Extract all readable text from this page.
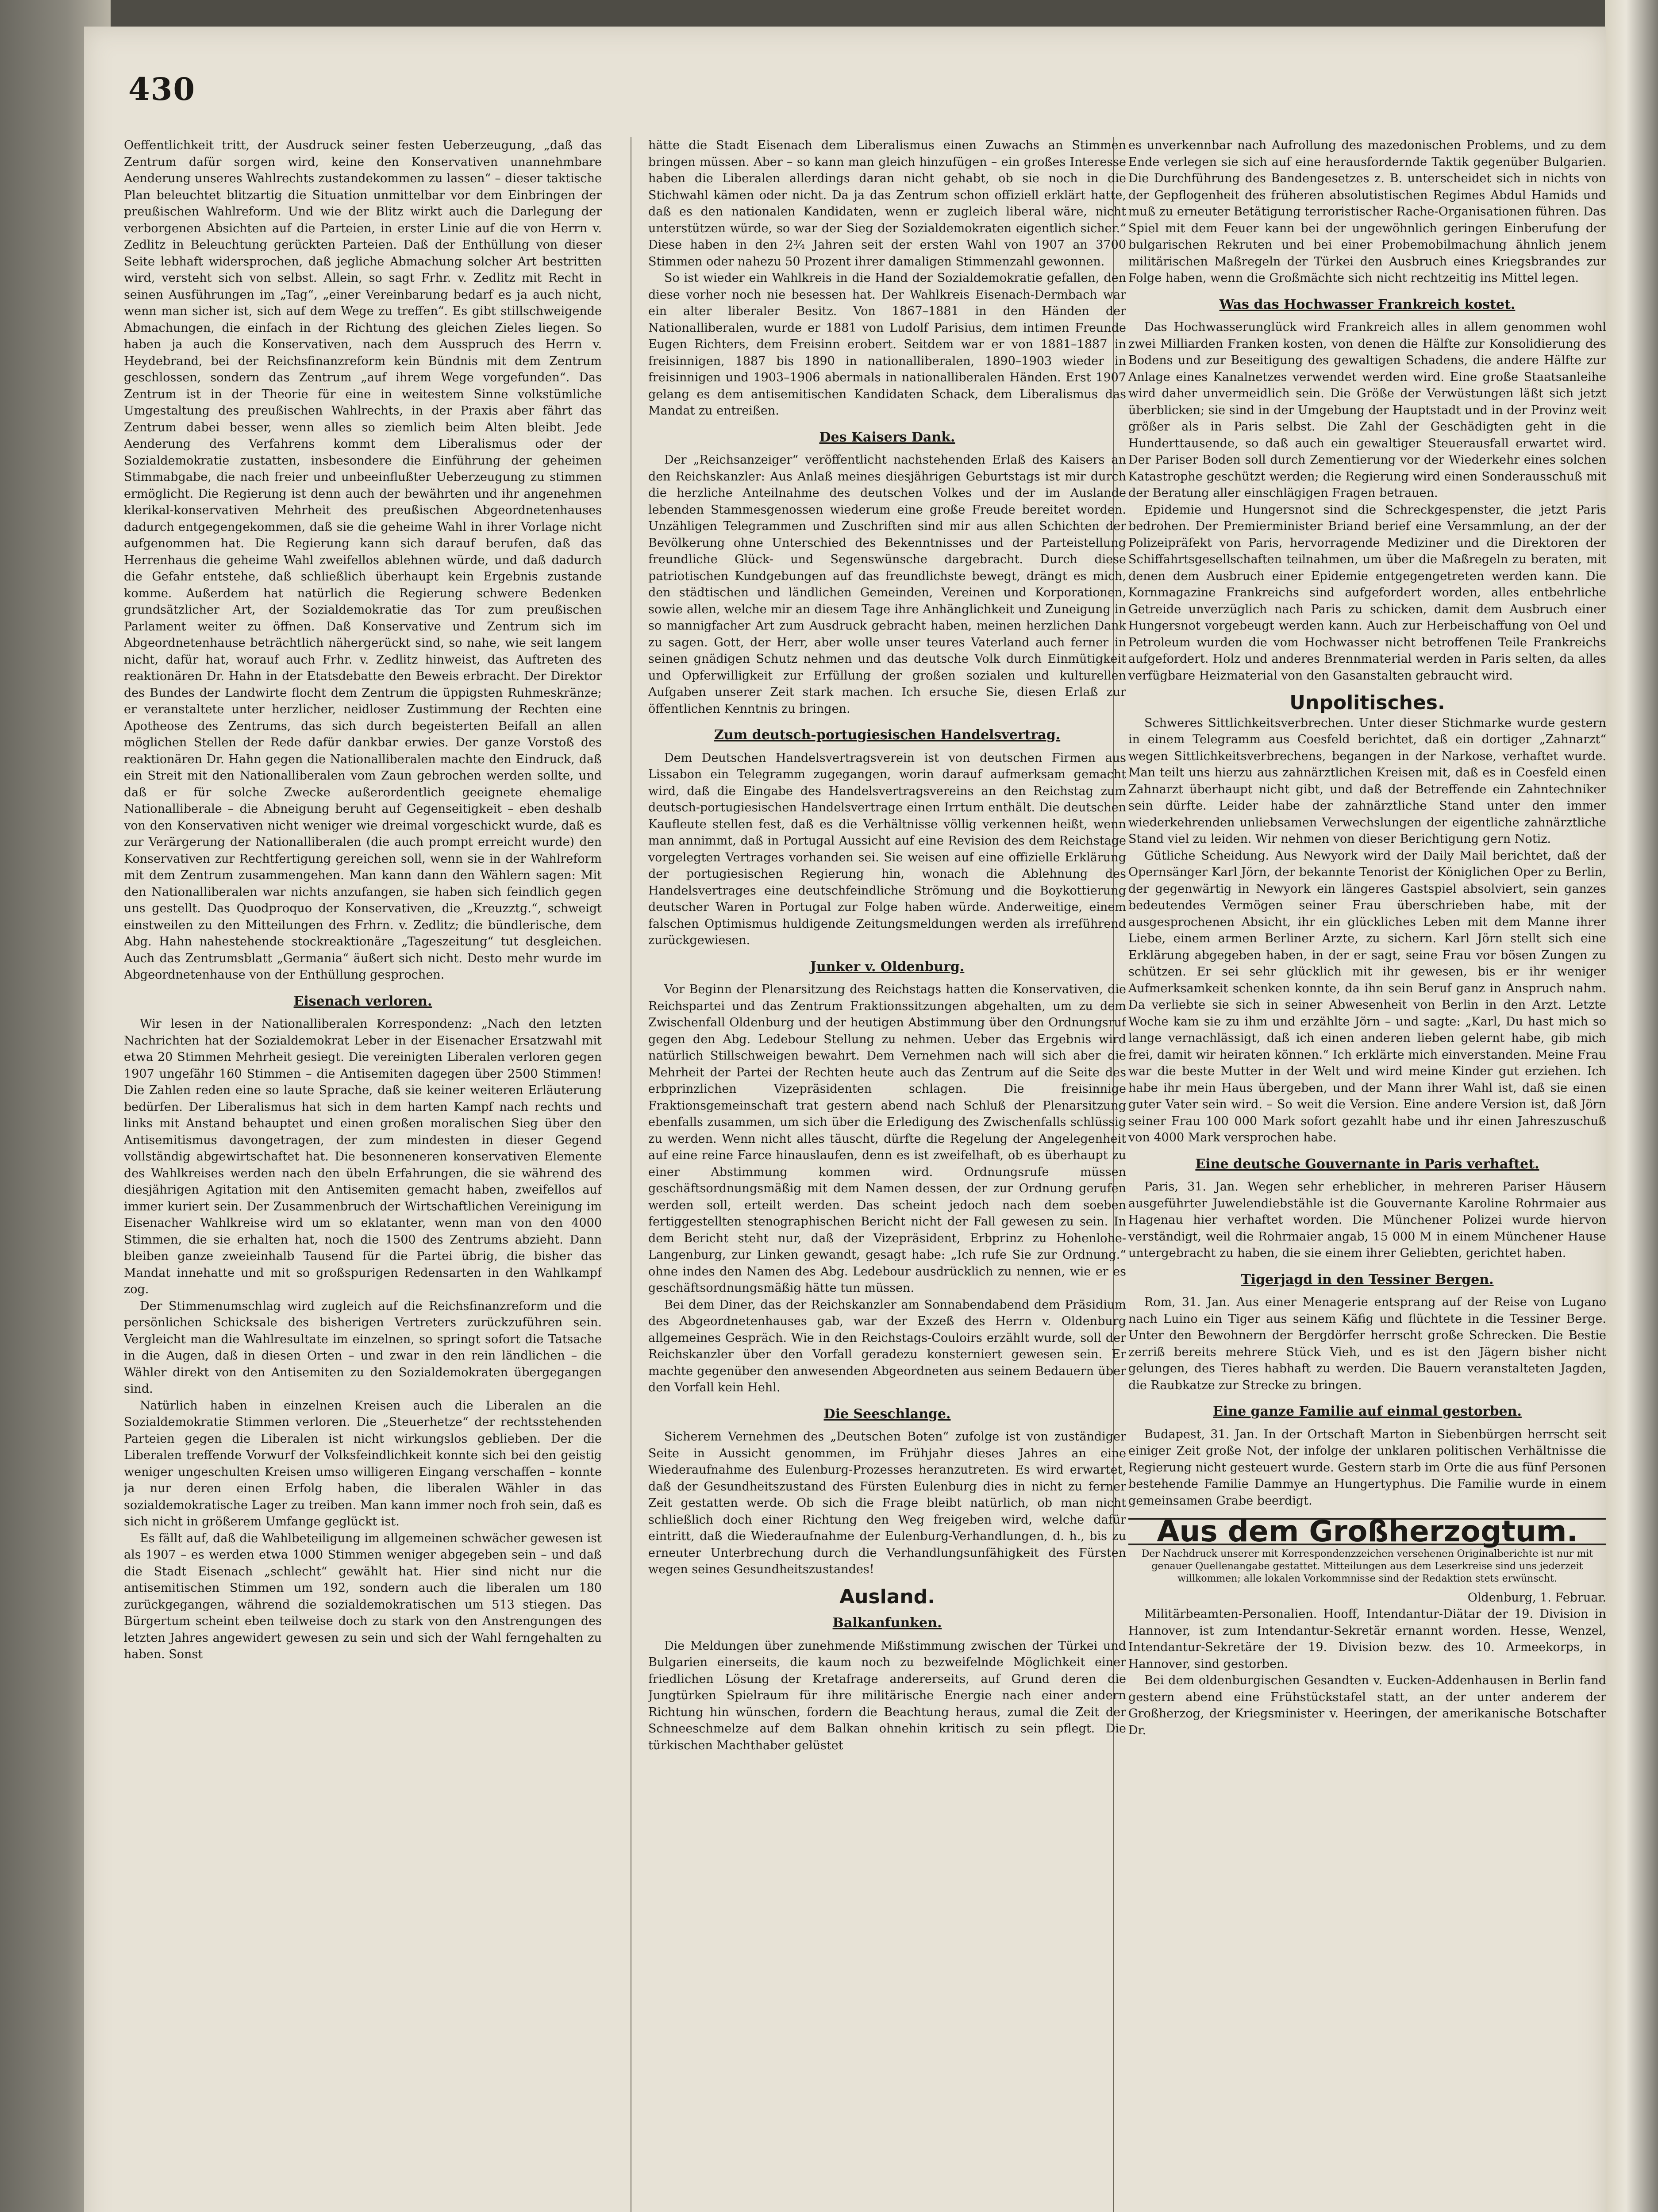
430

Oeffentlichkeit tritt, der Ausdruck seiner festen Ueberzeugung, „daß das Zentrum dafür sorgen wird, keine den Konservativen unannehmbare Aenderung unseres Wahlrechts zustandekommen zu lassen“ – dieser taktische Plan beleuchtet blitzartig die Situation unmittelbar vor dem Einbringen der preußischen Wahlreform. Und wie der Blitz wirkt auch die Darlegung der verborgenen Absichten auf die Parteien, in erster Linie auf die von Herrn v. Zedlitz in Beleuchtung gerückten Parteien. Daß der Enthüllung von dieser Seite lebhaft widersprochen, daß jegliche Abmachung solcher Art bestritten wird, versteht sich von selbst. Allein, so sagt Frhr. v. Zedlitz mit Recht in seinen Ausführungen im „Tag“, „einer Vereinbarung bedarf es ja auch nicht, wenn man sicher ist, sich auf dem Wege zu treffen“. Es gibt stillschweigende Abmachungen, die einfach in der Richtung des gleichen Zieles liegen. So haben ja auch die Konservativen, nach dem Ausspruch des Herrn v. Heydebrand, bei der Reichsfinanzreform kein Bündnis mit dem Zentrum geschlossen, sondern das Zentrum „auf ihrem Wege vorgefunden“. Das Zentrum ist in der Theorie für eine in weitestem Sinne volkstümliche Umgestaltung des preußischen Wahlrechts, in der Praxis aber fährt das Zentrum dabei besser, wenn alles so ziemlich beim Alten bleibt. Jede Aenderung des Verfahrens kommt dem Liberalismus oder der Sozialdemokratie zustatten, insbesondere die Einführung der geheimen Stimmabgabe, die nach freier und unbeeinflußter Ueberzeugung zu stimmen ermöglicht. Die Regierung ist denn auch der bewährten und ihr angenehmen klerikal-konservativen Mehrheit des preußischen Abgeordnetenhauses dadurch entgegengekommen, daß sie die geheime Wahl in ihrer Vorlage nicht aufgenommen hat. Die Regierung kann sich darauf berufen, daß das Herrenhaus die geheime Wahl zweifellos ablehnen würde, und daß dadurch die Gefahr entstehe, daß schließlich überhaupt kein Ergebnis zustande komme. Außerdem hat natürlich die Regierung schwere Bedenken grundsätzlicher Art, der Sozialdemokratie das Tor zum preußischen Parlament weiter zu öffnen. Daß Konservative und Zentrum sich im Abgeordnetenhause beträchtlich nähergerückt sind, so nahe, wie seit langem nicht, dafür hat, worauf auch Frhr. v. Zedlitz hinweist, das Auftreten des reaktionären Dr. Hahn in der Etatsdebatte den Beweis erbracht. Der Direktor des Bundes der Landwirte flocht dem Zentrum die üppigsten Ruhmeskränze; er veranstaltete unter herzlicher, neidloser Zustimmung der Rechten eine Apotheose des Zentrums, das sich durch begeisterten Beifall an allen möglichen Stellen der Rede dafür dankbar erwies. Der ganze Vorstoß des reaktionären Dr. Hahn gegen die Nationalliberalen machte den Eindruck, daß ein Streit mit den Nationalliberalen vom Zaun gebrochen werden sollte, und daß er für solche Zwecke außerordentlich geeignete ehemalige Nationalliberale – die Abneigung beruht auf Gegenseitigkeit – eben deshalb von den Konservativen nicht weniger wie dreimal vorgeschickt wurde, daß es zur Verärgerung der Nationalliberalen (die auch prompt erreicht wurde) den Konservativen zur Rechtfertigung gereichen soll, wenn sie in der Wahlreform mit dem Zentrum zusammengehen. Man kann dann den Wählern sagen: Mit den Nationalliberalen war nichts anzufangen, sie haben sich feindlich gegen uns gestellt. Das Quodproquo der Konservativen, die „Kreuzztg.“, schweigt einstweilen zu den Mitteilungen des Frhrn. v. Zedlitz; die bündlerische, dem Abg. Hahn nahestehende stockreaktionäre „Tageszeitung“ tut desgleichen. Auch das Zentrumsblatt „Germania“ äußert sich nicht. Desto mehr wurde im Abgeordnetenhause von der Enthüllung gesprochen.

Eisenach verloren.

Wir lesen in der Nationalliberalen Korrespondenz: „Nach den letzten Nachrichten hat der Sozialdemokrat Leber in der Eisenacher Ersatzwahl mit etwa 20 Stimmen Mehrheit gesiegt. Die vereinigten Liberalen verloren gegen 1907 ungefähr 160 Stimmen – die Antisemiten dagegen über 2500 Stimmen! Die Zahlen reden eine so laute Sprache, daß sie keiner weiteren Erläuterung bedürfen. Der Liberalismus hat sich in dem harten Kampf nach rechts und links mit Anstand behauptet und einen großen moralischen Sieg über den Antisemitismus davongetragen, der zum mindesten in dieser Gegend vollständig abgewirtschaftet hat. Die besonneneren konservativen Elemente des Wahlkreises werden nach den übeln Erfahrungen, die sie während des diesjährigen Agitation mit den Antisemiten gemacht haben, zweifellos auf immer kuriert sein. Der Zusammenbruch der Wirtschaftlichen Vereinigung im Eisenacher Wahlkreise wird um so eklatanter, wenn man von den 4000 Stimmen, die sie erhalten hat, noch die 1500 des Zentrums abzieht. Dann bleiben ganze zweieinhalb Tausend für die Partei übrig, die bisher das Mandat innehatte und mit so großspurigen Redensarten in den Wahlkampf zog.

Der Stimmenumschlag wird zugleich auf die Reichsfinanzreform und die persönlichen Schicksale des bisherigen Vertreters zurückzuführen sein. Vergleicht man die Wahlresultate im einzelnen, so springt sofort die Tatsache in die Augen, daß in diesen Orten – und zwar in den rein ländlichen – die Wähler direkt von den Antisemiten zu den Sozialdemokraten übergegangen sind.

Natürlich haben in einzelnen Kreisen auch die Liberalen an die Sozialdemokratie Stimmen verloren. Die „Steuerhetze“ der rechtsstehenden Parteien gegen die Liberalen ist nicht wirkungslos geblieben. Der die Liberalen treffende Vorwurf der Volksfeindlichkeit konnte sich bei den geistig weniger ungeschulten Kreisen umso willigeren Eingang verschaffen – konnte ja nur deren einen Erfolg haben, die liberalen Wähler in das sozialdemokratische Lager zu treiben. Man kann immer noch froh sein, daß es sich nicht in größerem Umfange geglückt ist.

Es fällt auf, daß die Wahlbeteiligung im allgemeinen schwächer gewesen ist als 1907 – es werden etwa 1000 Stimmen weniger abgegeben sein – und daß die Stadt Eisenach „schlecht“ gewählt hat. Hier sind nicht nur die antisemitischen Stimmen um 192, sondern auch die liberalen um 180 zurückgegangen, während die sozialdemokratischen um 513 stiegen. Das Bürgertum scheint eben teilweise doch zu stark von den Anstrengungen des letzten Jahres angewidert gewesen zu sein und sich der Wahl ferngehalten zu haben. Sonst

hätte die Stadt Eisenach dem Liberalismus einen Zuwachs an Stimmen bringen müssen. Aber – so kann man gleich hinzufügen – ein großes Interesse haben die Liberalen allerdings daran nicht gehabt, ob sie noch in die Stichwahl kämen oder nicht. Da ja das Zentrum schon offiziell erklärt hatte, daß es den nationalen Kandidaten, wenn er zugleich liberal wäre, nicht unterstützen würde, so war der Sieg der Sozialdemokraten eigentlich sicher.“ Diese haben in den 2¾ Jahren seit der ersten Wahl von 1907 an 3700 Stimmen oder nahezu 50 Prozent ihrer damaligen Stimmenzahl gewonnen.

So ist wieder ein Wahlkreis in die Hand der Sozialdemokratie gefallen, den diese vorher noch nie besessen hat. Der Wahlkreis Eisenach-Dermbach war ein alter liberaler Besitz. Von 1867–1881 in den Händen der Nationalliberalen, wurde er 1881 von Ludolf Parisius, dem intimen Freunde Eugen Richters, dem Freisinn erobert. Seitdem war er von 1881–1887 in freisinnigen, 1887 bis 1890 in nationalliberalen, 1890–1903 wieder in freisinnigen und 1903–1906 abermals in nationalliberalen Händen. Erst 1907 gelang es dem antisemitischen Kandidaten Schack, dem Liberalismus das Mandat zu entreißen.

Des Kaisers Dank.

Der „Reichsanzeiger“ veröffentlicht nachstehenden Erlaß des Kaisers an den Reichskanzler: Aus Anlaß meines diesjährigen Geburtstags ist mir durch die herzliche Anteilnahme des deutschen Volkes und der im Auslande lebenden Stammesgenossen wiederum eine große Freude bereitet worden. Unzähligen Telegrammen und Zuschriften sind mir aus allen Schichten der Bevölkerung ohne Unterschied des Bekenntnisses und der Parteistellung freundliche Glück- und Segenswünsche dargebracht. Durch diese patriotischen Kundgebungen auf das freundlichste bewegt, drängt es mich, den städtischen und ländlichen Gemeinden, Vereinen und Korporationen, sowie allen, welche mir an diesem Tage ihre Anhänglichkeit und Zuneigung in so mannigfacher Art zum Ausdruck gebracht haben, meinen herzlichen Dank zu sagen. Gott, der Herr, aber wolle unser teures Vaterland auch ferner in seinen gnädigen Schutz nehmen und das deutsche Volk durch Einmütigkeit und Opferwilligkeit zur Erfüllung der großen sozialen und kulturellen Aufgaben unserer Zeit stark machen. Ich ersuche Sie, diesen Erlaß zur öffentlichen Kenntnis zu bringen.

Zum deutsch-portugiesischen Handelsvertrag.

Dem Deutschen Handelsvertragsverein ist von deutschen Firmen aus Lissabon ein Telegramm zugegangen, worin darauf aufmerksam gemacht wird, daß die Eingabe des Handelsvertragsvereins an den Reichstag zum deutsch-portugiesischen Handelsvertrage einen Irrtum enthält. Die deutschen Kaufleute stellen fest, daß es die Verhältnisse völlig verkennen heißt, wenn man annimmt, daß in Portugal Aussicht auf eine Revision des dem Reichstage vorgelegten Vertrages vorhanden sei. Sie weisen auf eine offizielle Erklärung der portugiesischen Regierung hin, wonach die Ablehnung des Handelsvertrages eine deutschfeindliche Strömung und die Boykottierung deutscher Waren in Portugal zur Folge haben würde. Anderweitige, einem falschen Optimismus huldigende Zeitungsmeldungen werden als irreführend zurückgewiesen.

Junker v. Oldenburg.

Vor Beginn der Plenarsitzung des Reichstags hatten die Konservativen, die Reichspartei und das Zentrum Fraktionssitzungen abgehalten, um zu dem Zwischenfall Oldenburg und der heutigen Abstimmung über den Ordnungsruf gegen den Abg. Ledebour Stellung zu nehmen. Ueber das Ergebnis wird natürlich Stillschweigen bewahrt. Dem Vernehmen nach will sich aber die Mehrheit der Partei der Rechten heute auch das Zentrum auf die Seite des erbprinzlichen Vizepräsidenten schlagen. Die freisinnige Fraktionsgemeinschaft trat gestern abend nach Schluß der Plenarsitzung ebenfalls zusammen, um sich über die Erledigung des Zwischenfalls schlüssig zu werden. Wenn nicht alles täuscht, dürfte die Regelung der Angelegenheit auf eine reine Farce hinauslaufen, denn es ist zweifelhaft, ob es überhaupt zu einer Abstimmung kommen wird. Ordnungsrufe müssen geschäftsordnungsmäßig mit dem Namen dessen, der zur Ordnung gerufen werden soll, erteilt werden. Das scheint jedoch nach dem soeben fertiggestellten stenographischen Bericht nicht der Fall gewesen zu sein. In dem Bericht steht nur, daß der Vizepräsident, Erbprinz zu Hohenlohe-Langenburg, zur Linken gewandt, gesagt habe: „Ich rufe Sie zur Ordnung.“ ohne indes den Namen des Abg. Ledebour ausdrücklich zu nennen, wie er es geschäftsordnungsmäßig hätte tun müssen.

Bei dem Diner, das der Reichskanzler am Sonnabendabend dem Präsidium des Abgeordnetenhauses gab, war der Exzeß des Herrn v. Oldenburg allgemeines Gespräch. Wie in den Reichstags-Couloirs erzählt wurde, soll der Reichskanzler über den Vorfall geradezu konsterniert gewesen sein. Er machte gegenüber den anwesenden Abgeordneten aus seinem Bedauern über den Vorfall kein Hehl.

Die Seeschlange.

Sicherem Vernehmen des „Deutschen Boten“ zufolge ist von zuständiger Seite in Aussicht genommen, im Frühjahr dieses Jahres an eine Wiederaufnahme des Eulenburg-Prozesses heranzutreten. Es wird erwartet, daß der Gesundheitszustand des Fürsten Eulenburg dies in nicht zu ferner Zeit gestatten werde. Ob sich die Frage bleibt natürlich, ob man nicht schließlich doch einer Richtung den Weg freigeben wird, welche dafür eintritt, daß die Wiederaufnahme der Eulenburg-Verhandlungen, d. h., bis zu erneuter Unterbrechung durch die Verhandlungsunfähigkeit des Fürsten wegen seines Gesundheitszustandes!

Ausland.
Balkanfunken.

Die Meldungen über zunehmende Mißstimmung zwischen der Türkei und Bulgarien einerseits, die kaum noch zu bezweifelnde Möglichkeit einer friedlichen Lösung der Kretafrage andererseits, auf Grund deren die Jungtürken Spielraum für ihre militärische Energie nach einer andern Richtung hin wünschen, fordern die Beachtung heraus, zumal die Zeit der Schneeschmelze auf dem Balkan ohnehin kritisch zu sein pflegt. Die türkischen Machthaber gelüstet

es unverkennbar nach Aufrollung des mazedonischen Problems, und zu dem Ende verlegen sie sich auf eine herausfordernde Taktik gegenüber Bulgarien. Die Durchführung des Bandengesetzes z. B. unterscheidet sich in nichts von der Gepflogenheit des früheren absolutistischen Regimes Abdul Hamids und muß zu erneuter Betätigung terroristischer Rache-Organisationen führen. Das Spiel mit dem Feuer kann bei der ungewöhnlich geringen Einberufung der bulgarischen Rekruten und bei einer Probemobilmachung ähnlich jenem militärischen Maßregeln der Türkei den Ausbruch eines Kriegsbrandes zur Folge haben, wenn die Großmächte sich nicht rechtzeitig ins Mittel legen.

Was das Hochwasser Frankreich kostet.

Das Hochwasserunglück wird Frankreich alles in allem genommen wohl zwei Milliarden Franken kosten, von denen die Hälfte zur Konsolidierung des Bodens und zur Beseitigung des gewaltigen Schadens, die andere Hälfte zur Anlage eines Kanalnetzes verwendet werden wird. Eine große Staatsanleihe wird daher unvermeidlich sein. Die Größe der Verwüstungen läßt sich jetzt überblicken; sie sind in der Umgebung der Hauptstadt und in der Provinz weit größer als in Paris selbst. Die Zahl der Geschädigten geht in die Hunderttausende, so daß auch ein gewaltiger Steuerausfall erwartet wird. Der Pariser Boden soll durch Zementierung vor der Wiederkehr eines solchen Katastrophe geschützt werden; die Regierung wird einen Sonderausschuß mit der Beratung aller einschlägigen Fragen betrauen.

Epidemie und Hungersnot sind die Schreckgespenster, die jetzt Paris bedrohen. Der Premierminister Briand berief eine Versammlung, an der der Polizeipräfekt von Paris, hervorragende Mediziner und die Direktoren der Schiffahrtsgesellschaften teilnahmen, um über die Maßregeln zu beraten, mit denen dem Ausbruch einer Epidemie entgegengetreten werden kann. Die Kornmagazine Frankreichs sind aufgefordert worden, alles entbehrliche Getreide unverzüglich nach Paris zu schicken, damit dem Ausbruch einer Hungersnot vorgebeugt werden kann. Auch zur Herbeischaffung von Oel und Petroleum wurden die vom Hochwasser nicht betroffenen Teile Frankreichs aufgefordert. Holz und anderes Brennmaterial werden in Paris selten, da alles verfügbare Heizmaterial von den Gasanstalten gebraucht wird.

Unpolitisches.

Schweres Sittlichkeitsverbrechen. Unter dieser Stichmarke wurde gestern in einem Telegramm aus Coesfeld berichtet, daß ein dortiger „Zahnarzt“ wegen Sittlichkeitsverbrechens, begangen in der Narkose, verhaftet wurde. Man teilt uns hierzu aus zahnärztlichen Kreisen mit, daß es in Coesfeld einen Zahnarzt überhaupt nicht gibt, und daß der Betreffende ein Zahntechniker sein dürfte. Leider habe der zahnärztliche Stand unter den immer wiederkehrenden unliebsamen Verwechslungen der eigentliche zahnärztliche Stand viel zu leiden. Wir nehmen von dieser Berichtigung gern Notiz.

Gütliche Scheidung. Aus Newyork wird der Daily Mail berichtet, daß der Opernsänger Karl Jörn, der bekannte Tenorist der Königlichen Oper zu Berlin, der gegenwärtig in Newyork ein längeres Gastspiel absolviert, sein ganzes bedeutendes Vermögen seiner Frau überschrieben habe, mit der ausgesprochenen Absicht, ihr ein glückliches Leben mit dem Manne ihrer Liebe, einem armen Berliner Arzte, zu sichern. Karl Jörn stellt sich eine Erklärung abgegeben haben, in der er sagt, seine Frau vor bösen Zungen zu schützen. Er sei sehr glücklich mit ihr gewesen, bis er ihr weniger Aufmerksamkeit schenken konnte, da ihn sein Beruf ganz in Anspruch nahm. Da verliebte sie sich in seiner Abwesenheit von Berlin in den Arzt. Letzte Woche kam sie zu ihm und erzählte Jörn – und sagte: „Karl, Du hast mich so lange vernachlässigt, daß ich einen anderen lieben gelernt habe, gib mich frei, damit wir heiraten können.“ Ich erklärte mich einverstanden. Meine Frau war die beste Mutter in der Welt und wird meine Kinder gut erziehen. Ich habe ihr mein Haus übergeben, und der Mann ihrer Wahl ist, daß sie einen guter Vater sein wird. – So weit die Version. Eine andere Version ist, daß Jörn seiner Frau 100 000 Mark sofort gezahlt habe und ihr einen Jahreszuschuß von 4000 Mark versprochen habe.

Eine deutsche Gouvernante in Paris verhaftet.

Paris, 31. Jan. Wegen sehr erheblicher, in mehreren Pariser Häusern ausgeführter Juwelendiebstähle ist die Gouvernante Karoline Rohrmaier aus Hagenau hier verhaftet worden. Die Münchener Polizei wurde hiervon verständigt, weil die Rohrmaier angab, 15 000 M in einem Münchener Hause untergebracht zu haben, die sie einem ihrer Geliebten, gerichtet haben.

Tigerjagd in den Tessiner Bergen.

Rom, 31. Jan. Aus einer Menagerie entsprang auf der Reise von Lugano nach Luino ein Tiger aus seinem Käfig und flüchtete in die Tessiner Berge. Unter den Bewohnern der Bergdörfer herrscht große Schrecken. Die Bestie zerriß bereits mehrere Stück Vieh, und es ist den Jägern bisher nicht gelungen, des Tieres habhaft zu werden. Die Bauern veranstalteten Jagden, die Raubkatze zur Strecke zu bringen.

Eine ganze Familie auf einmal gestorben.

Budapest, 31. Jan. In der Ortschaft Marton in Siebenbürgen herrscht seit einiger Zeit große Not, der infolge der unklaren politischen Verhältnisse die Regierung nicht gesteuert wurde. Gestern starb im Orte die aus fünf Personen bestehende Familie Dammye an Hungertyphus. Die Familie wurde in einem gemeinsamen Grabe beerdigt.

Aus dem Großherzogtum.
Der Nachdruck unserer mit Korrespondenzzeichen versehenen Originalberichte ist nur mit genauer Quellenangabe gestattet. Mitteilungen aus dem Leserkreise sind uns jederzeit willkommen; alle lokalen Vorkommnisse sind der Redaktion stets erwünscht.
Oldenburg, 1. Februar.

Militärbeamten-Personalien. Hooff, Intendantur-Diätar der 19. Division in Hannover, ist zum Intendantur-Sekretär ernannt worden. Hesse, Wenzel, Intendantur-Sekretäre der 19. Division bezw. des 10. Armeekorps, in Hannover, sind gestorben.

Bei dem oldenburgischen Gesandten v. Eucken-Addenhausen in Berlin fand gestern abend eine Frühstückstafel statt, an der unter anderem der Großherzog, der Kriegsminister v. Heeringen, der amerikanische Botschafter Dr.
